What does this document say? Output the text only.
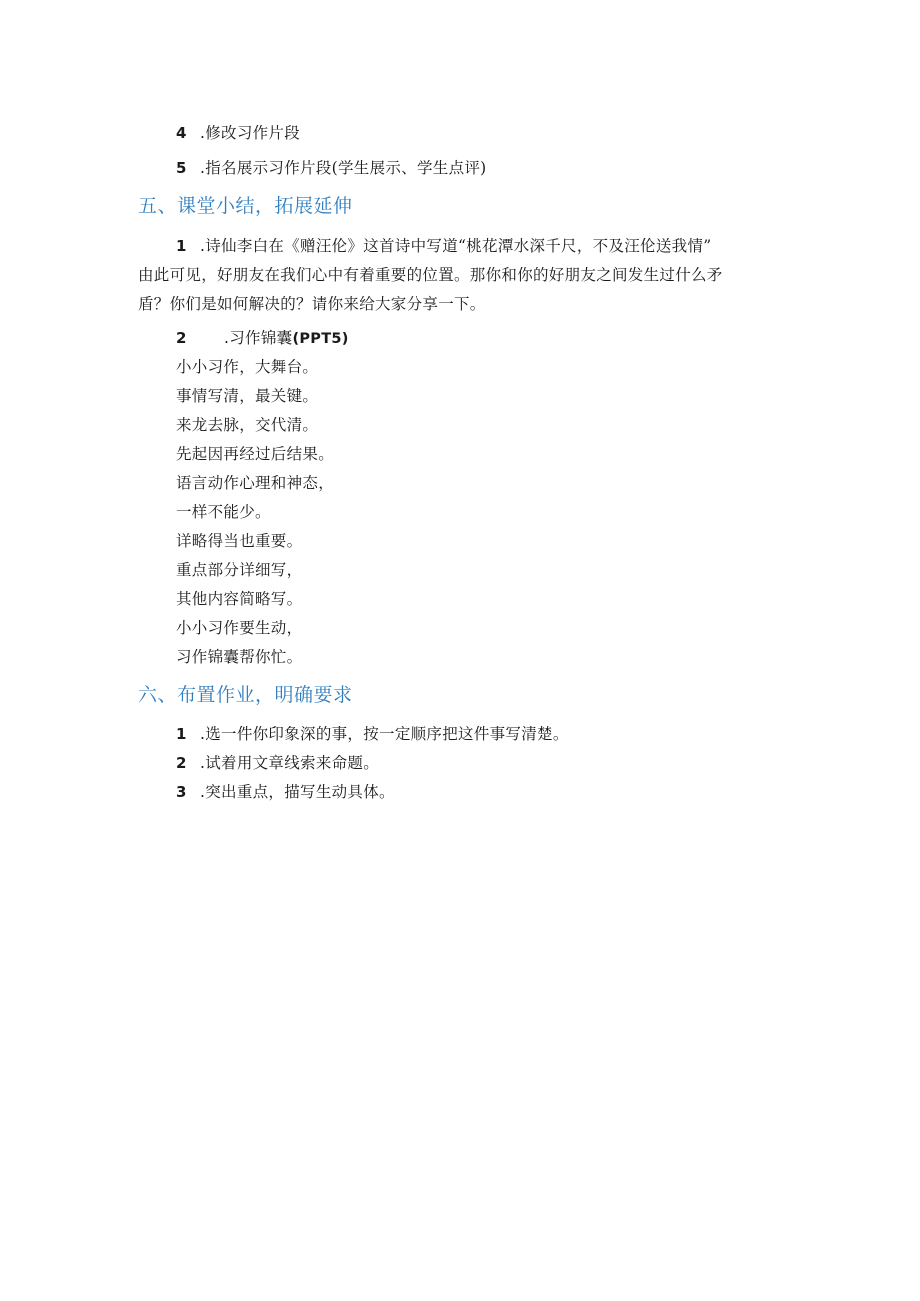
4 .修改习作片段
5 .指名展示习作片段(学生展示、学生点评)
五、课堂小结，拓展延伸
1 .诗仙李白在《赠汪伦》这首诗中写道“桃花潭水深千尺，不及汪伦送我情”
由此可见，好朋友在我们心中有着重要的位置。那你和你的好朋友之间发生过什么矛
盾？你们是如何解决的？请你来给大家分享一下。
2 .习作锦囊(PPT5)
小小习作，大舞台。
事情写清，最关键。
来龙去脉，交代清。
先起因再经过后结果。
语言动作心理和神态，
一样不能少。
详略得当也重要。
重点部分详细写，
其他内容简略写。
小小习作要生动，
习作锦囊帮你忙。
六、布置作业，明确要求
1 .选一件你印象深的事，按一定顺序把这件事写清楚。
2 .试着用文章线索来命题。
3 .突出重点，描写生动具体。
